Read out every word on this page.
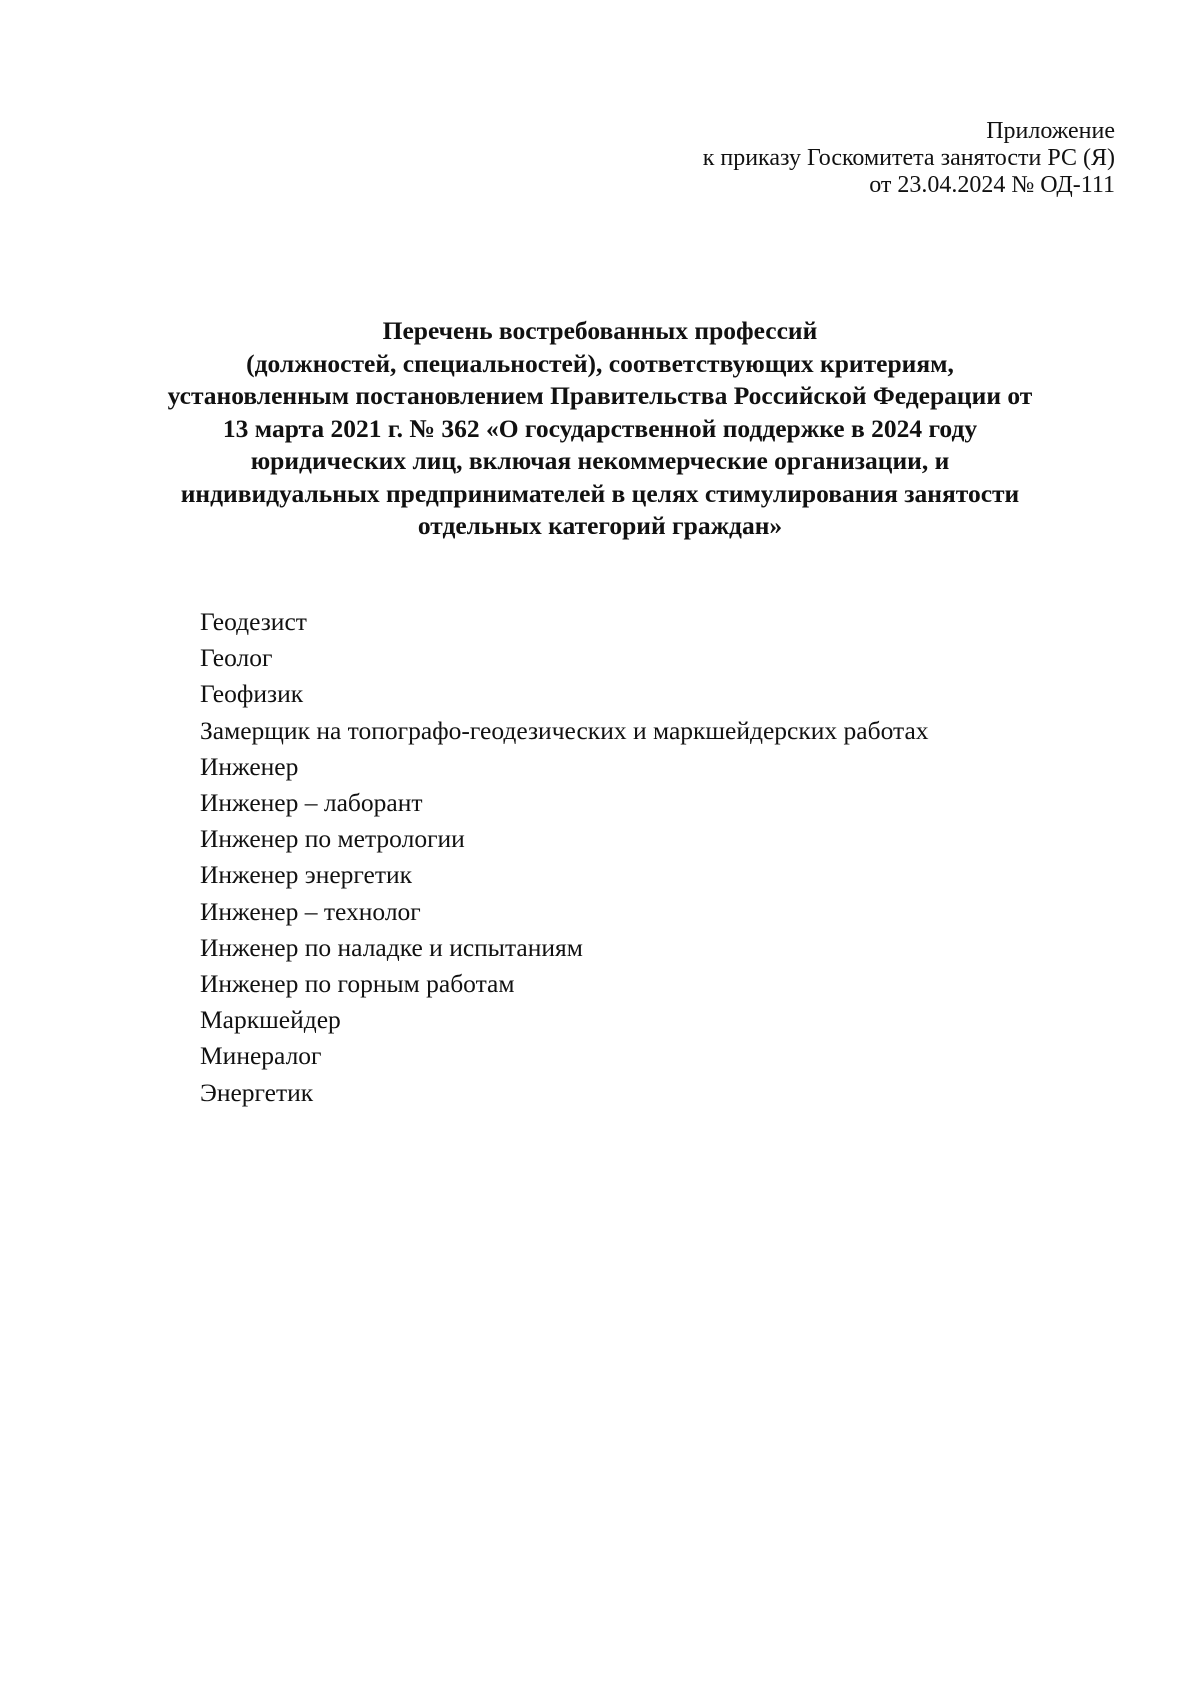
Приложение
к приказу Госкомитета занятости РС (Я)
от 23.04.2024 № ОД-111
Перечень востребованных профессий
(должностей, специальностей), соответствующих критериям,
установленным постановлением Правительства Российской Федерации от
13 марта 2021 г. № 362 «О государственной поддержке в 2024 году
юридических лиц, включая некоммерческие организации, и
индивидуальных предпринимателей в целях стимулирования занятости
отдельных категорий граждан»
Геодезист
Геолог
Геофизик
Замерщик на топографо-геодезических и маркшейдерских работах
Инженер
Инженер – лаборант
Инженер по метрологии
Инженер энергетик
Инженер – технолог
Инженер по наладке и испытаниям
Инженер по горным работам
Маркшейдер
Минералог
Энергетик
